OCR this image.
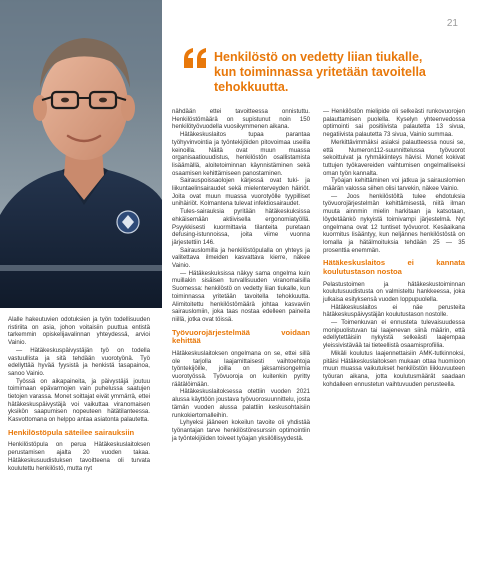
21
Henkilöstö on vedetty liian tiukalle, kun toiminnassa yritetään tavoitella tehokkuutta.

Alalle hakeutuvien odotuksien ja työn todellisuuden ristiriita on asia, johon voitaisiin puuttua entistä tarkemmin opiskelijavalinnan yhteydessä, arvioi Vainio.

— Hätäkeskuspäivystäjän työ on todella vastuullista ja sitä tehdään vuorotyönä. Työ edellyttää hyvää fyysistä ja henkistä tasapainoa, sanoo Vainio.

Työssä on aikapaineita, ja päivystäjä joutuu toimimaan epävarmojen vain puhelussa saatujen tietojen varassa. Monet soittajat eivät ymmärrä, ettei hätäkeskuspäivystäjä voi vaikuttaa viranomaisen yksikön saapumisen nopeuteen hätätilanteessa. Kasvottomana on helppo antaa asiatonta palautetta.

Henkilöstöpula säteilee sairauksiin

Henkilöstöpula on perua Hätäkeskuslaitoksen perustamisen ajalta 20 vuoden takaa. Hätäkeskusuudistuksen tavoitteena oli turvata koulutettu henkilöstö, mutta nyt

nähdään ettei tavoitteessa onnistuttu. Henkilöstömäärä on supistunut noin 150 henkilötyövuodella vuosikymmenen aikana.

Hätäkeskuslaitos tupaa parantaa työhyvinvointia ja työntekijöiden pitovoimaa useilla keinoilla. Näitä ovat muun muassa organisaatiouudistus, henkilöstön osallistamista lisäämällä, aloitetoiminnan käynnistäminen sekä osaamisen kehittämiseen panostaminen.

Sairauspoissaolojen kärjessä ovat tuki- ja liikuntaelinsairaudet sekä mielenterveyden häiriöt. Joita ovat muun muassa vuorotyölle tyypilliset unihäiriöt. Kolmantena tulevat infektiosairaudet.

Tules-sairauksia pyritään hätäkeskuksissa ehkäisemään aktiivisella ergonomiatyöllä. Psyykkisesti kuormittavia tilanteita puretaan defusing-istunnoissa, joita viime vuonna järjestettiin 146.

Sairauslomilla ja henkilöstöpulalla on yhteys ja valitettava ilmeiden kasvattava kierre, näkee Vainio.

— Hätäkeskuksissa näkyy sama ongelma kuin muillakin sisäisen turvallisuuden viranomaisilla Suomessa: henkilöstö on vedetty liian tiukalle, kun toiminnassa yritetään tavoitella tehokkuutta. Alimitoitettu henkilöstömäärä johtaa kasvaviin sairauslomiin, joka taas nostaa edelleen paineita niillä, jotka ovat töissä.

Työvuorojärjestelmää voidaan kehittää

Hätäkeskuslaitoksen ongelmana on se, ettei sillä ole tarjolla laajamittaisesti vaihtoehtoja työntekijöille, joilla on jaksamisongelmia vuorotyössä. Työvuoroja on kuitenkin pyritty räätälöimään.

Hätäkeskuslaitoksessa otettiin vuoden 2021 alussa käyttöön joustava työvuorosuunnittelu, josta tämän vuoden alussa palattiin keskusohtaisiin runkokiertomalleihin.

Lyhyeksi jääneen kokeilun tavoite oli yhdistää työnantajan tarve henkilöstöresurssin optimointiin ja työntekijöiden toiveet työajan yksilöllisyydestä.

— Henkilöstön mielipide oli selkeästi runkovuorojen palauttamisen puolella. Kyselyn yhteenvedossa optimointi sai positiivista palautetta 13 sivua, negatiivista palautetta 73 sivua, Vainio summaa.

Merkittävimmäksi asiaksi palautteessa nousi se, että Numeron112-suunnittelussa työvuorot sekoittuivat ja ryhmäkiinteys hävisi. Monet kokivat tuttujen työkavereiden vaihtumisen ongelmalliseksi oman työn kannalta.

Työajan kehittäminen voi jatkua ja sairauslomien määrän valossa siihen olisi tarvekin, näkee Vainio.

— Joos henkilöstöltä tulee ehdotuksia työvuorojärjestelmän kehittämisestä, niitä ilman muuta ainnmin mielin harkitaan ja katsotaan, löydetäänkö nykyistä toimivampi järjestelmä. Nyt ongelmana ovat 12 tuntiset työvuorot. Kesäaikana kuormitus lisääntyy, kun neljännes henkilöstöstä on lomalla ja hätälmoituksia tehdään 25 — 35 prosenttia enemmän.

Hätäkeskuslaitos ei kannata koulutustason nostoa

Pelastustoimen ja hätäkeskustoiminnan koulutusuudistusta on valmisteltu hankkeessa, joka julkaisa esityksensä vuoden loppupuolella.

Hätäkeskuslaitos ei näe perusteita hätäkeskuspäivystäjän koulutustason nostolle.

— Toimenkuvan ei ennusteta tulevaisuudessa monipuolistuvan tai laajenevan siinä määrin, että edellytettäisiin nykyistä selkeästi laajempaa yleissivistävää tai tieteellistä osaamisprofiilia.

Mikäli koulutus laajennettaisiin AMK-tutkinnoksi, pitäisi Hätäkeskuslaitoksen mukaan ottaa huomioon muun muassa vaikutukset henkilöstön liikkuvuuteen työuran aikana, jotta koulutusmäärät saadaan kohdalleen ennustetun vaihtuvuuden perusteella.
